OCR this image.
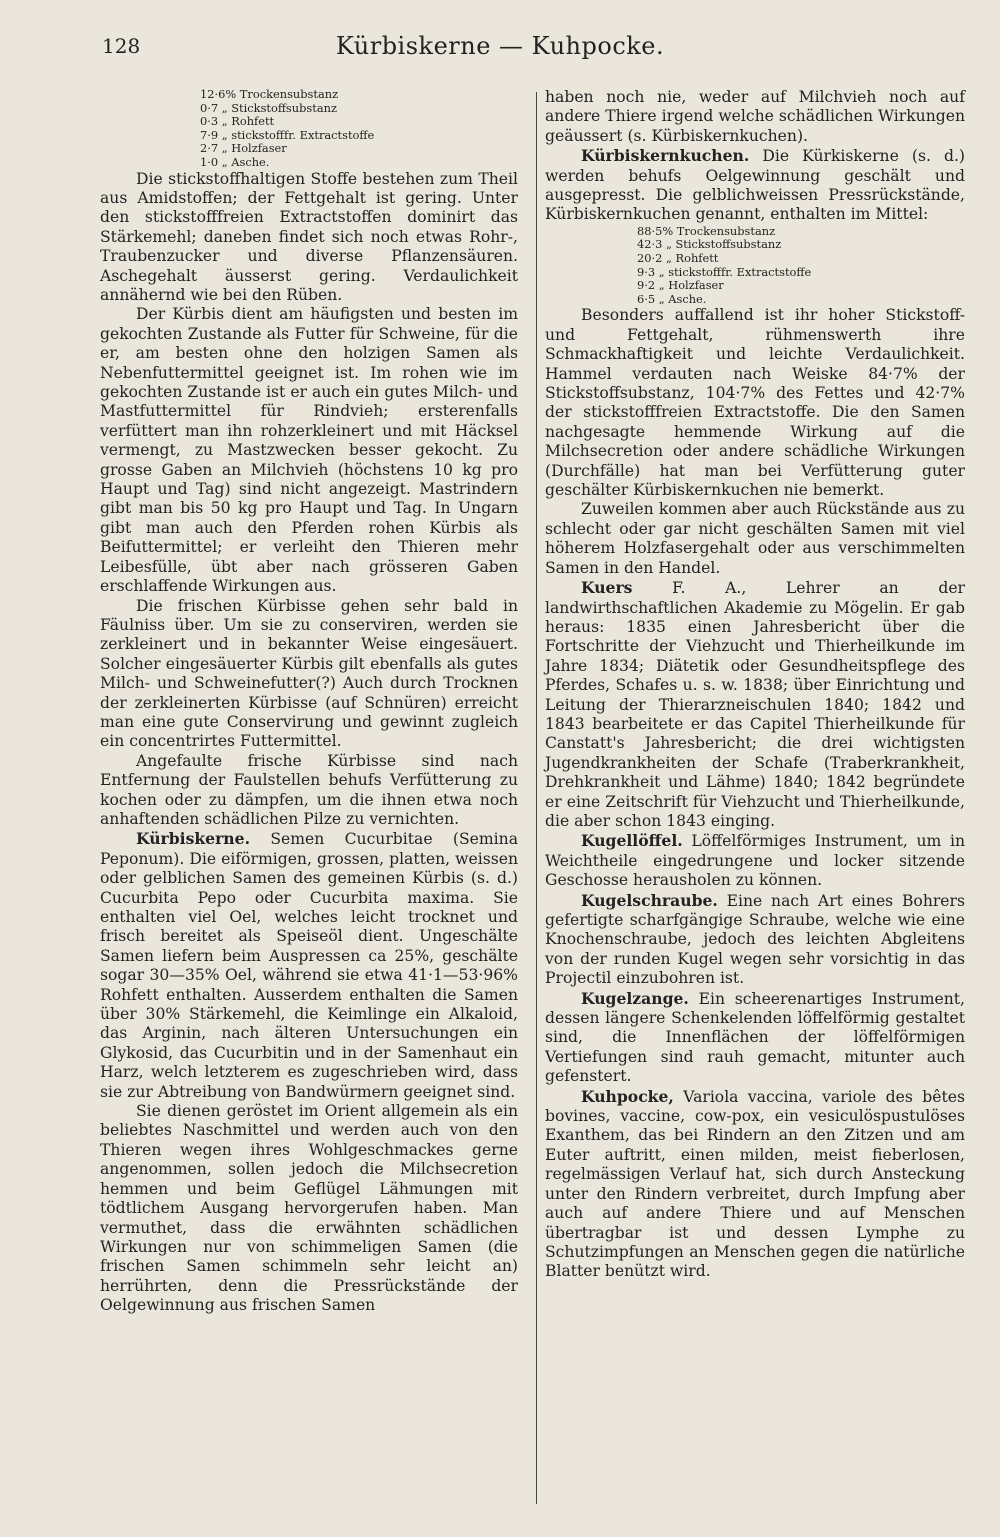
128	Kürbiskerne — Kuhpocke.
12·6% Trockensubstanz
0·7 „ Stickstoffsubstanz
0·3 „ Rohfett
7·9 „ stickstofffr. Extractstoffe
2·7 „ Holzfaser
1·0 „ Asche.

Die stickstoffhaltigen Stoffe bestehen zum Theil aus Amidstoffen; der Fettgehalt ist gering. Unter den stickstofffreien Extractstoffen dominirt das Stärkemehl; daneben findet sich noch etwas Rohr-, Traubenzucker und diverse Pflanzensäuren. Aschegehalt äusserst gering. Verdaulichkeit annähernd wie bei den Rüben.

Der Kürbis dient am häufigsten und besten im gekochten Zustande als Futter für Schweine, für die er, am besten ohne den holzigen Samen als Nebenfuttermittel geeignet ist. Im rohen wie im gekochten Zustande ist er auch ein gutes Milch- und Mastfuttermittel für Rindvieh; ersterenfalls verfüttert man ihn rohzerkleinert und mit Häcksel vermengt, zu Mastzwecken besser gekocht. Zu grosse Gaben an Milchvieh (höchstens 10 kg pro Haupt und Tag) sind nicht angezeigt. Mastrindern gibt man bis 50 kg pro Haupt und Tag. In Ungarn gibt man auch den Pferden rohen Kürbis als Beifuttermittel; er verleiht den Thieren mehr Leibesfülle, übt aber nach grösseren Gaben erschlaffende Wirkungen aus.

Die frischen Kürbisse gehen sehr bald in Fäulniss über. Um sie zu conserviren, werden sie zerkleinert und in bekannter Weise eingesäuert. Solcher eingesäuerter Kürbis gilt ebenfalls als gutes Milch- und Schweinefutter(?) Auch durch Trocknen der zerkleinerten Kürbisse (auf Schnüren) erreicht man eine gute Conservirung und gewinnt zugleich ein concentrirtes Futtermittel.

Angefaulte frische Kürbisse sind nach Entfernung der Faulstellen behufs Verfütterung zu kochen oder zu dämpfen, um die ihnen etwa noch anhaftenden schädlichen Pilze zu vernichten.

Kürbiskerne. Semen Cucurbitae (Semina Peponum). Die eiförmigen, grossen, platten, weissen oder gelblichen Samen des gemeinen Kürbis (s. d.) Cucurbita Pepo oder Cucurbita maxima. Sie enthalten viel Oel, welches leicht trocknet und frisch bereitet als Speiseöl dient. Ungeschälte Samen liefern beim Auspressen ca 25%, geschälte sogar 30—35% Oel, während sie etwa 41·1—53·96% Rohfett enthalten. Ausserdem enthalten die Samen über 30% Stärkemehl, die Keimlinge ein Alkaloid, das Arginin, nach älteren Untersuchungen ein Glykosid, das Cucurbitin und in der Samenhaut ein Harz, welch letzterem es zugeschrieben wird, dass sie zur Abtreibung von Bandwürmern geeignet sind.

Sie dienen geröstet im Orient allgemein als ein beliebtes Naschmittel und werden auch von den Thieren wegen ihres Wohlgeschmackes gerne angenommen, sollen jedoch die Milchsecretion hemmen und beim Geflügel Lähmungen mit tödtlichem Ausgang hervorgerufen haben. Man vermuthet, dass die erwähnten schädlichen Wirkungen nur von schimmeligen Samen (die frischen Samen schimmeln sehr leicht an) herrührten, denn die Pressrückstände der Oelgewinnung aus frischen Samen

haben noch nie, weder auf Milchvieh noch auf andere Thiere irgend welche schädlichen Wirkungen geäussert (s. Kürbiskernkuchen).

Kürbiskernkuchen. Die Kürkiskerne (s. d.) werden behufs Oelgewinnung geschält und ausgepresst. Die gelblichweissen Pressrückstände, Kürbiskernkuchen genannt, enthalten im Mittel:

88·5% Trockensubstanz
42·3 „ Stickstoffsubstanz
20·2 „ Rohfett
9·3 „ stickstofffr. Extractstoffe
9·2 „ Holzfaser
6·5 „ Asche.

Besonders auffallend ist ihr hoher Stickstoff- und Fettgehalt, rühmenswerth ihre Schmackhaftigkeit und leichte Verdaulichkeit. Hammel verdauten nach Weiske 84·7% der Stickstoffsubstanz, 104·7% des Fettes und 42·7% der stickstofffreien Extractstoffe. Die den Samen nachgesagte hemmende Wirkung auf die Milchsecretion oder andere schädliche Wirkungen (Durchfälle) hat man bei Verfütterung guter geschälter Kürbiskernkuchen nie bemerkt.

Zuweilen kommen aber auch Rückstände aus zu schlecht oder gar nicht geschälten Samen mit viel höherem Holzfasergehalt oder aus verschimmelten Samen in den Handel.

Kuers F. A., Lehrer an der landwirthschaftlichen Akademie zu Mögelin. Er gab heraus: 1835 einen Jahresbericht über die Fortschritte der Viehzucht und Thierheilkunde im Jahre 1834; Diätetik oder Gesundheitspflege des Pferdes, Schafes u. s. w. 1838; über Einrichtung und Leitung der Thierarzneischulen 1840; 1842 und 1843 bearbeitete er das Capitel Thierheilkunde für Canstatt's Jahresbericht; die drei wichtigsten Jugendkrankheiten der Schafe (Traberkrankheit, Drehkrankheit und Lähme) 1840; 1842 begründete er eine Zeitschrift für Viehzucht und Thierheilkunde, die aber schon 1843 einging.

Kugellöffel. Löffelförmiges Instrument, um in Weichtheile eingedrungene und locker sitzende Geschosse herausholen zu können.

Kugelschraube. Eine nach Art eines Bohrers gefertigte scharfgängige Schraube, welche wie eine Knochenschraube, jedoch des leichten Abgleitens von der runden Kugel wegen sehr vorsichtig in das Projectil einzubohren ist.

Kugelzange. Ein scheerenartiges Instrument, dessen längere Schenkelenden löffelförmig gestaltet sind, die Innenflächen der löffelförmigen Vertiefungen sind rauh gemacht, mitunter auch gefenstert.

Kuhpocke, Variola vaccina, variole des bêtes bovines, vaccine, cow-pox, ein vesiculöspustulöses Exanthem, das bei Rindern an den Zitzen und am Euter auftritt, einen milden, meist fieberlosen, regelmässigen Verlauf hat, sich durch Ansteckung unter den Rindern verbreitet, durch Impfung aber auch auf andere Thiere und auf Menschen übertragbar ist und dessen Lymphe zu Schutzimpfungen an Menschen gegen die natürliche Blatter benützt wird.
